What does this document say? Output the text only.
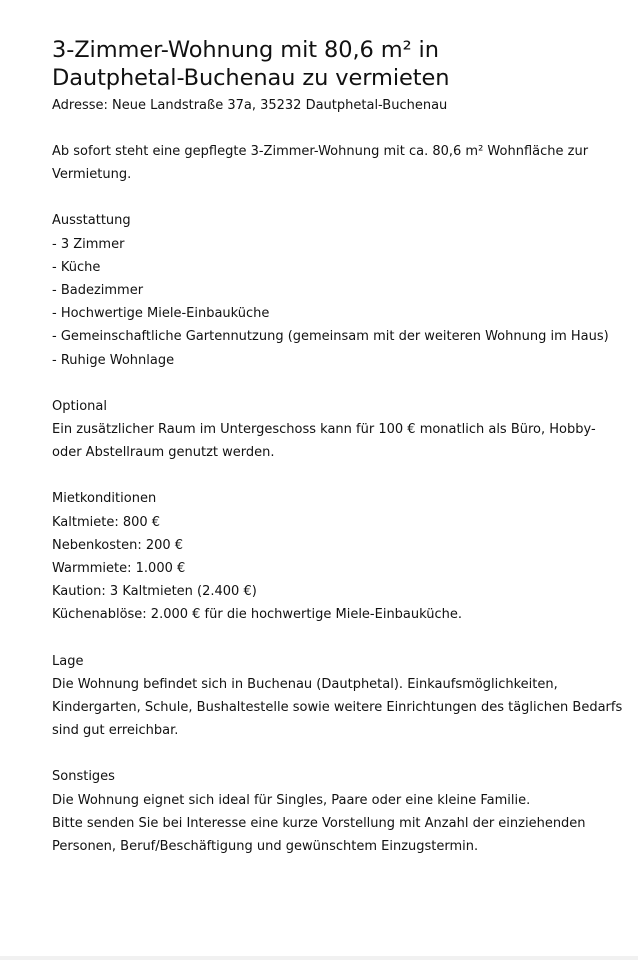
3-Zimmer-Wohnung mit 80,6 m² in
Dautphetal-Buchenau zu vermieten

Adresse: Neue Landstraße 37a, 35232 Dautphetal-Buchenau

Ab sofort steht eine gepflegte 3-Zimmer-Wohnung mit ca. 80,6 m² Wohnfläche zur
Vermietung.
Ausstattung
- 3 Zimmer
- Küche
- Badezimmer
- Hochwertige Miele-Einbauküche
- Gemeinschaftliche Gartennutzung (gemeinsam mit der weiteren Wohnung im Haus)
- Ruhige Wohnlage
Optional
Ein zusätzlicher Raum im Untergeschoss kann für 100 € monatlich als Büro, Hobby-
oder Abstellraum genutzt werden.
Mietkonditionen
Kaltmiete: 800 €
Nebenkosten: 200 €
Warmmiete: 1.000 €
Kaution: 3 Kaltmieten (2.400 €)
Küchenablöse: 2.000 € für die hochwertige Miele-Einbauküche.
Lage
Die Wohnung befindet sich in Buchenau (Dautphetal). Einkaufsmöglichkeiten,
Kindergarten, Schule, Bushaltestelle sowie weitere Einrichtungen des täglichen Bedarfs
sind gut erreichbar.
Sonstiges
Die Wohnung eignet sich ideal für Singles, Paare oder eine kleine Familie.
Bitte senden Sie bei Interesse eine kurze Vorstellung mit Anzahl der einziehenden
Personen, Beruf/Beschäftigung und gewünschtem Einzugstermin.
